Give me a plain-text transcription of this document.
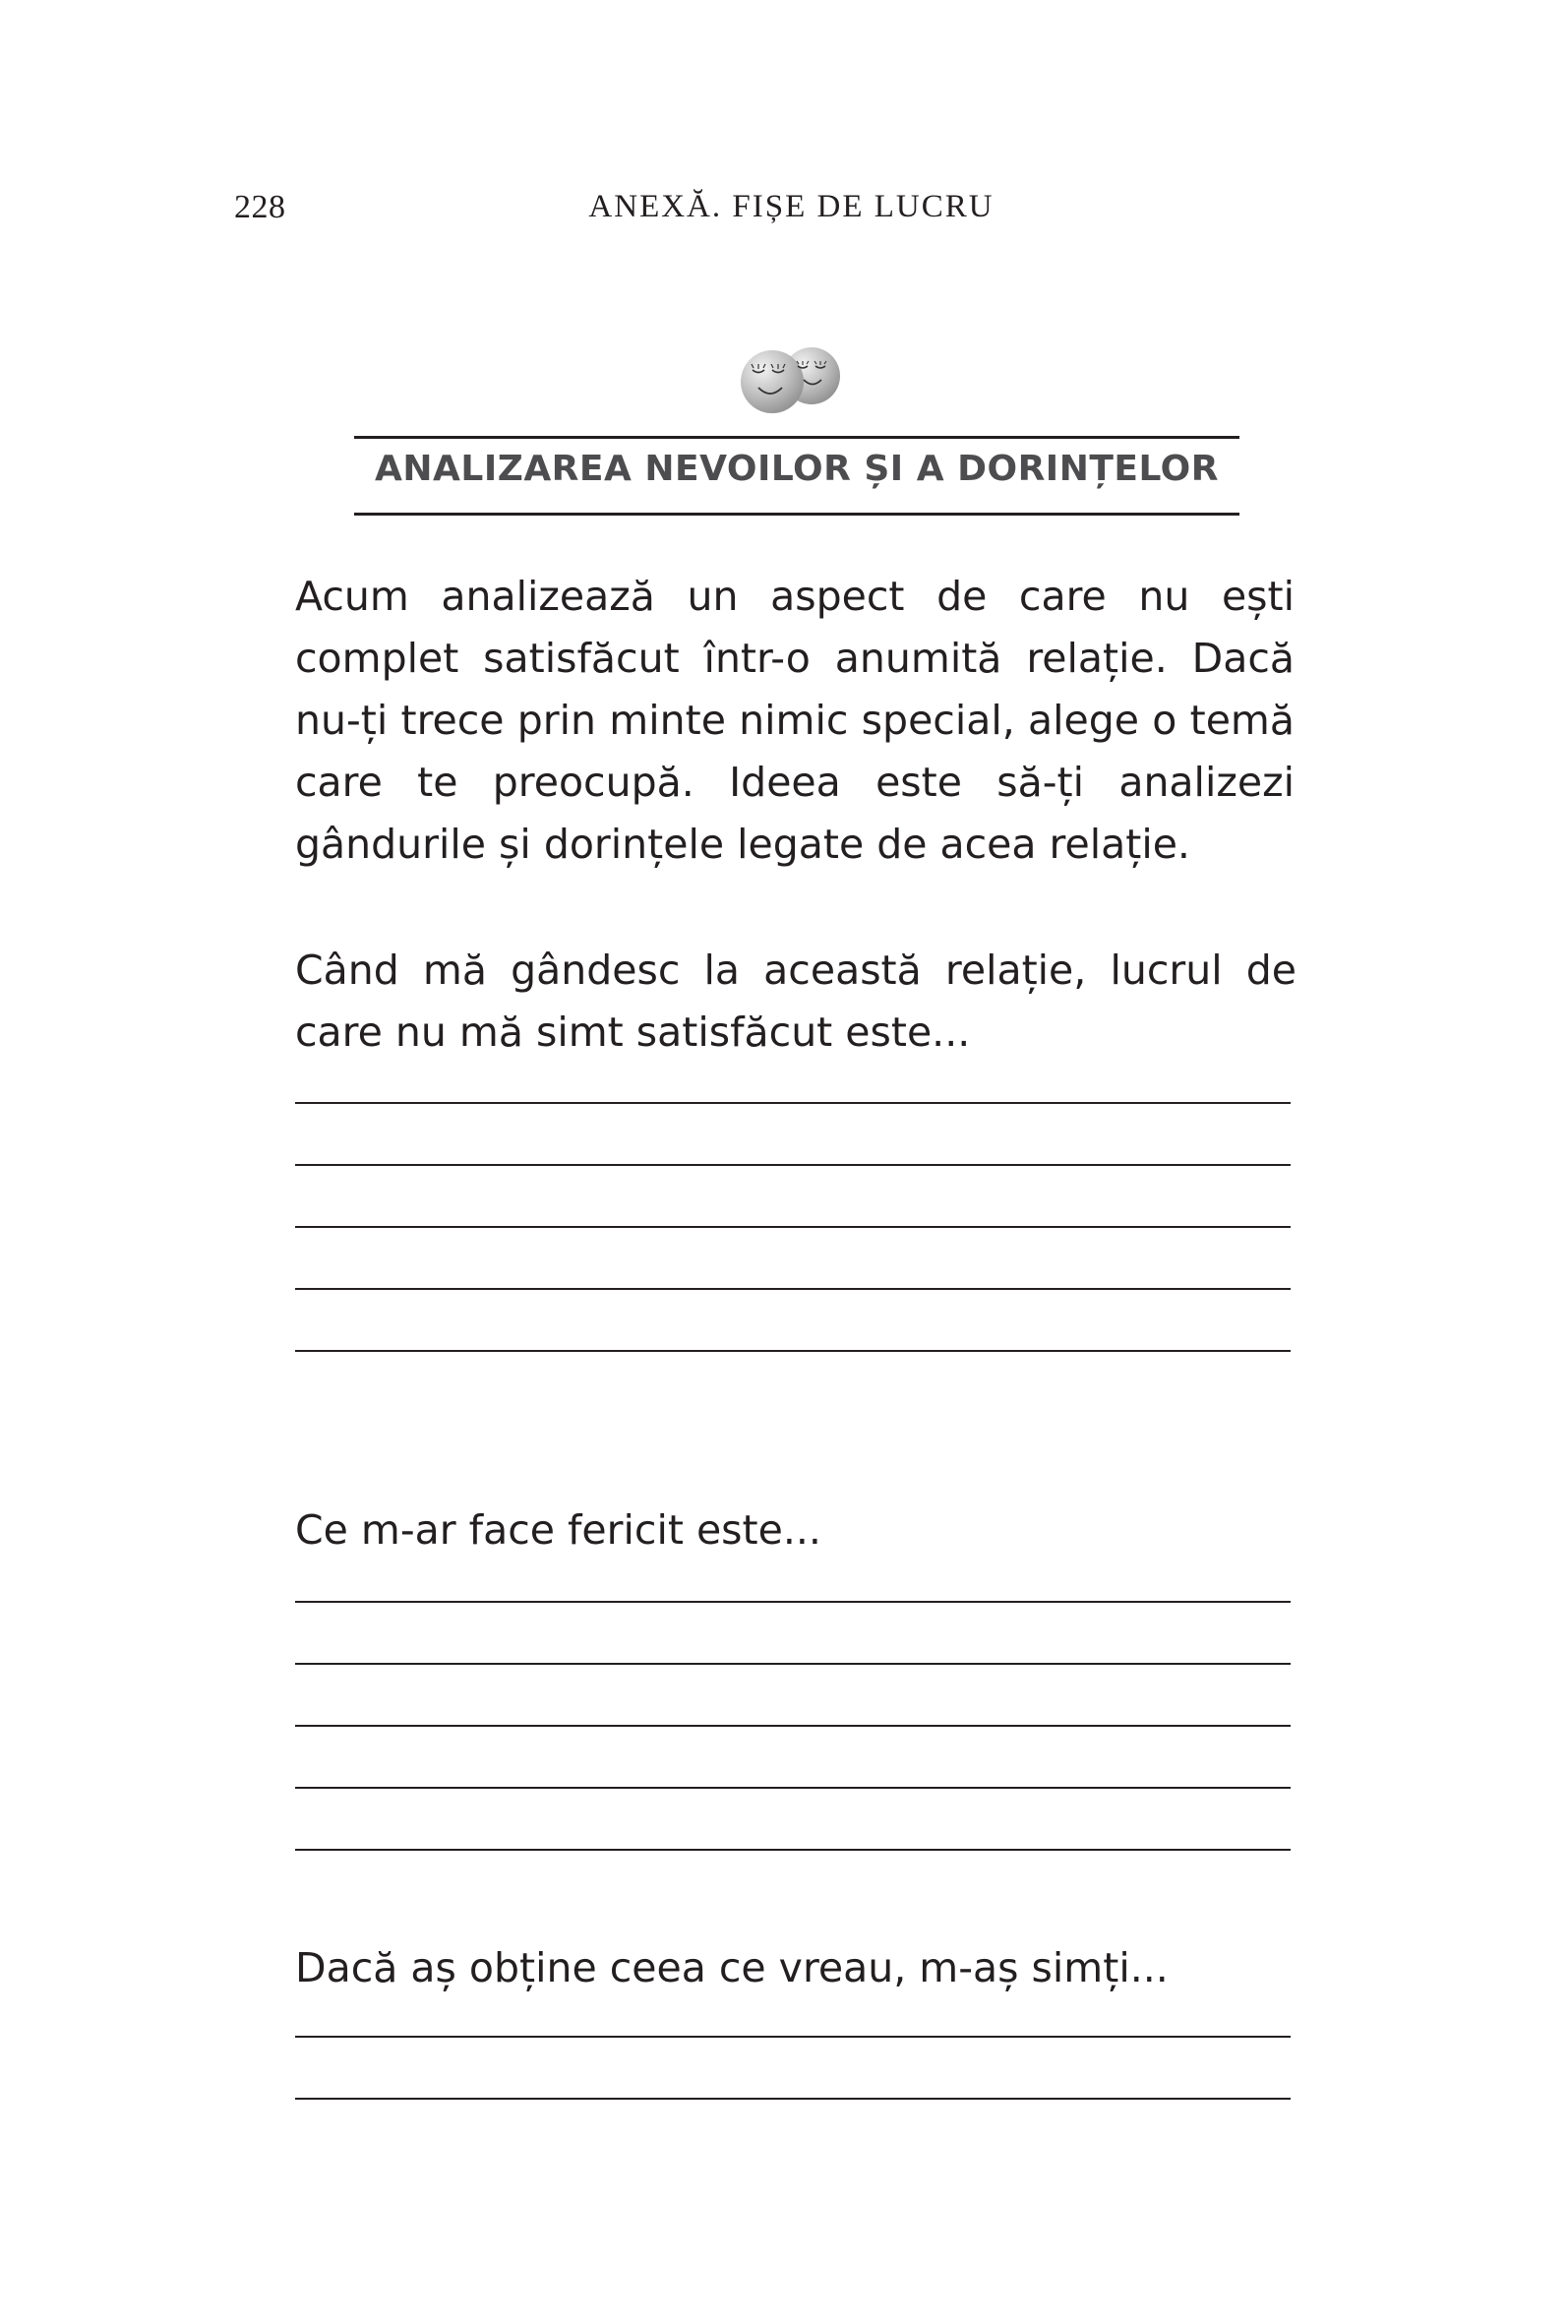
228	ANEXĂ. FIȘE DE LUCRU
ANALIZAREA NEVOILOR ȘI A DORINȚELOR
Acum analizează un aspect de care nu ești complet satisfăcut într-o anumită relație. Dacă nu-ți trece prin minte nimic special, alege o temă care te preocupă. Ideea este să-ți analizezi gândurile și dorințele legate de acea relație.
Când mă gândesc la această relație, lucrul de care nu mă simt satisfăcut este...
Ce m-ar face fericit este...
Dacă aș obține ceea ce vreau, m-aș simți...
